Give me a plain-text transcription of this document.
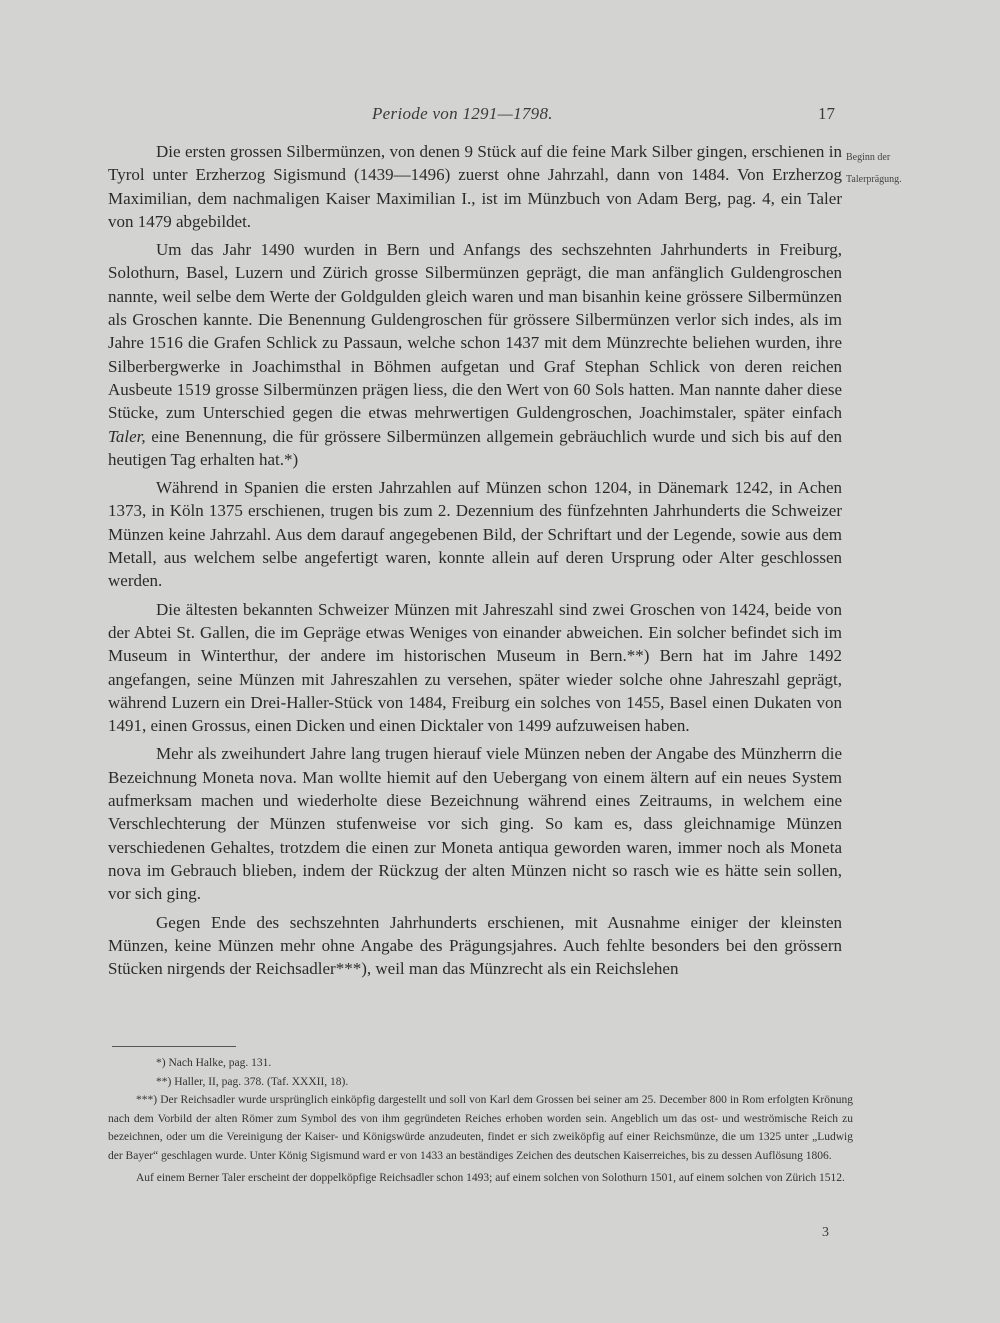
Periode von 1291—1798.	17
Beginn der Talerprägung.

Die ersten grossen Silbermünzen, von denen 9 Stück auf die feine Mark Silber gingen, erschienen in Tyrol unter Erzherzog Sigismund (1439—1496) zuerst ohne Jahrzahl, dann von 1484. Von Erzherzog Maximilian, dem nachmaligen Kaiser Maximilian I., ist im Münzbuch von Adam Berg, pag. 4, ein Taler von 1479 abgebildet.

Um das Jahr 1490 wurden in Bern und Anfangs des sechszehnten Jahrhunderts in Freiburg, Solothurn, Basel, Luzern und Zürich grosse Silbermünzen geprägt, die man anfänglich Guldengroschen nannte, weil selbe dem Werte der Goldgulden gleich waren und man bisanhin keine grössere Silbermünzen als Groschen kannte. Die Benennung Guldengroschen für grössere Silbermünzen verlor sich indes, als im Jahre 1516 die Grafen Schlick zu Passaun, welche schon 1437 mit dem Münzrechte beliehen wurden, ihre Silberbergwerke in Joachimsthal in Böhmen aufgetan und Graf Stephan Schlick von deren reichen Ausbeute 1519 grosse Silbermünzen prägen liess, die den Wert von 60 Sols hatten. Man nannte daher diese Stücke, zum Unterschied gegen die etwas mehrwertigen Guldengroschen, Joachimstaler, später einfach Taler, eine Benennung, die für grössere Silbermünzen allgemein gebräuchlich wurde und sich bis auf den heutigen Tag erhalten hat.*)

Während in Spanien die ersten Jahrzahlen auf Münzen schon 1204, in Dänemark 1242, in Achen 1373, in Köln 1375 erschienen, trugen bis zum 2. Dezennium des fünfzehnten Jahrhunderts die Schweizer Münzen keine Jahrzahl. Aus dem darauf angegebenen Bild, der Schriftart und der Legende, sowie aus dem Metall, aus welchem selbe angefertigt waren, konnte allein auf deren Ursprung oder Alter geschlossen werden.

Die ältesten bekannten Schweizer Münzen mit Jahreszahl sind zwei Groschen von 1424, beide von der Abtei St. Gallen, die im Gepräge etwas Weniges von einander abweichen. Ein solcher befindet sich im Museum in Winterthur, der andere im historischen Museum in Bern.**) Bern hat im Jahre 1492 angefangen, seine Münzen mit Jahreszahlen zu versehen, später wieder solche ohne Jahreszahl geprägt, während Luzern ein Drei-Haller-Stück von 1484, Freiburg ein solches von 1455, Basel einen Dukaten von 1491, einen Grossus, einen Dicken und einen Dicktaler von 1499 aufzuweisen haben.

Mehr als zweihundert Jahre lang trugen hierauf viele Münzen neben der Angabe des Münzherrn die Bezeichnung Moneta nova. Man wollte hiemit auf den Uebergang von einem ältern auf ein neues System aufmerksam machen und wiederholte diese Bezeichnung während eines Zeitraums, in welchem eine Verschlechterung der Münzen stufenweise vor sich ging. So kam es, dass gleichnamige Münzen verschiedenen Gehaltes, trotzdem die einen zur Moneta antiqua geworden waren, immer noch als Moneta nova im Gebrauch blieben, indem der Rückzug der alten Münzen nicht so rasch wie es hätte sein sollen, vor sich ging.

Gegen Ende des sechszehnten Jahrhunderts erschienen, mit Ausnahme einiger der kleinsten Münzen, keine Münzen mehr ohne Angabe des Prägungsjahres. Auch fehlte besonders bei den grössern Stücken nirgends der Reichsadler***), weil man das Münzrecht als ein Reichslehen

*) Nach Halke, pag. 131.

**) Haller, II, pag. 378. (Taf. XXXII, 18).

***) Der Reichsadler wurde ursprünglich einköpfig dargestellt und soll von Karl dem Grossen bei seiner am 25. December 800 in Rom erfolgten Krönung nach dem Vorbild der alten Römer zum Symbol des von ihm gegründeten Reiches erhoben worden sein. Angeblich um das ost- und weströmische Reich zu bezeichnen, oder um die Vereinigung der Kaiser- und Königswürde anzudeuten, findet er sich zweiköpfig auf einer Reichsmünze, die um 1325 unter „Ludwig der Bayer“ geschlagen wurde. Unter König Sigismund ward er von 1433 an beständiges Zeichen des deutschen Kaiserreiches, bis zu dessen Auflösung 1806.

Auf einem Berner Taler erscheint der doppelköpfige Reichsadler schon 1493; auf einem solchen von Solothurn 1501, auf einem solchen von Zürich 1512.

3
